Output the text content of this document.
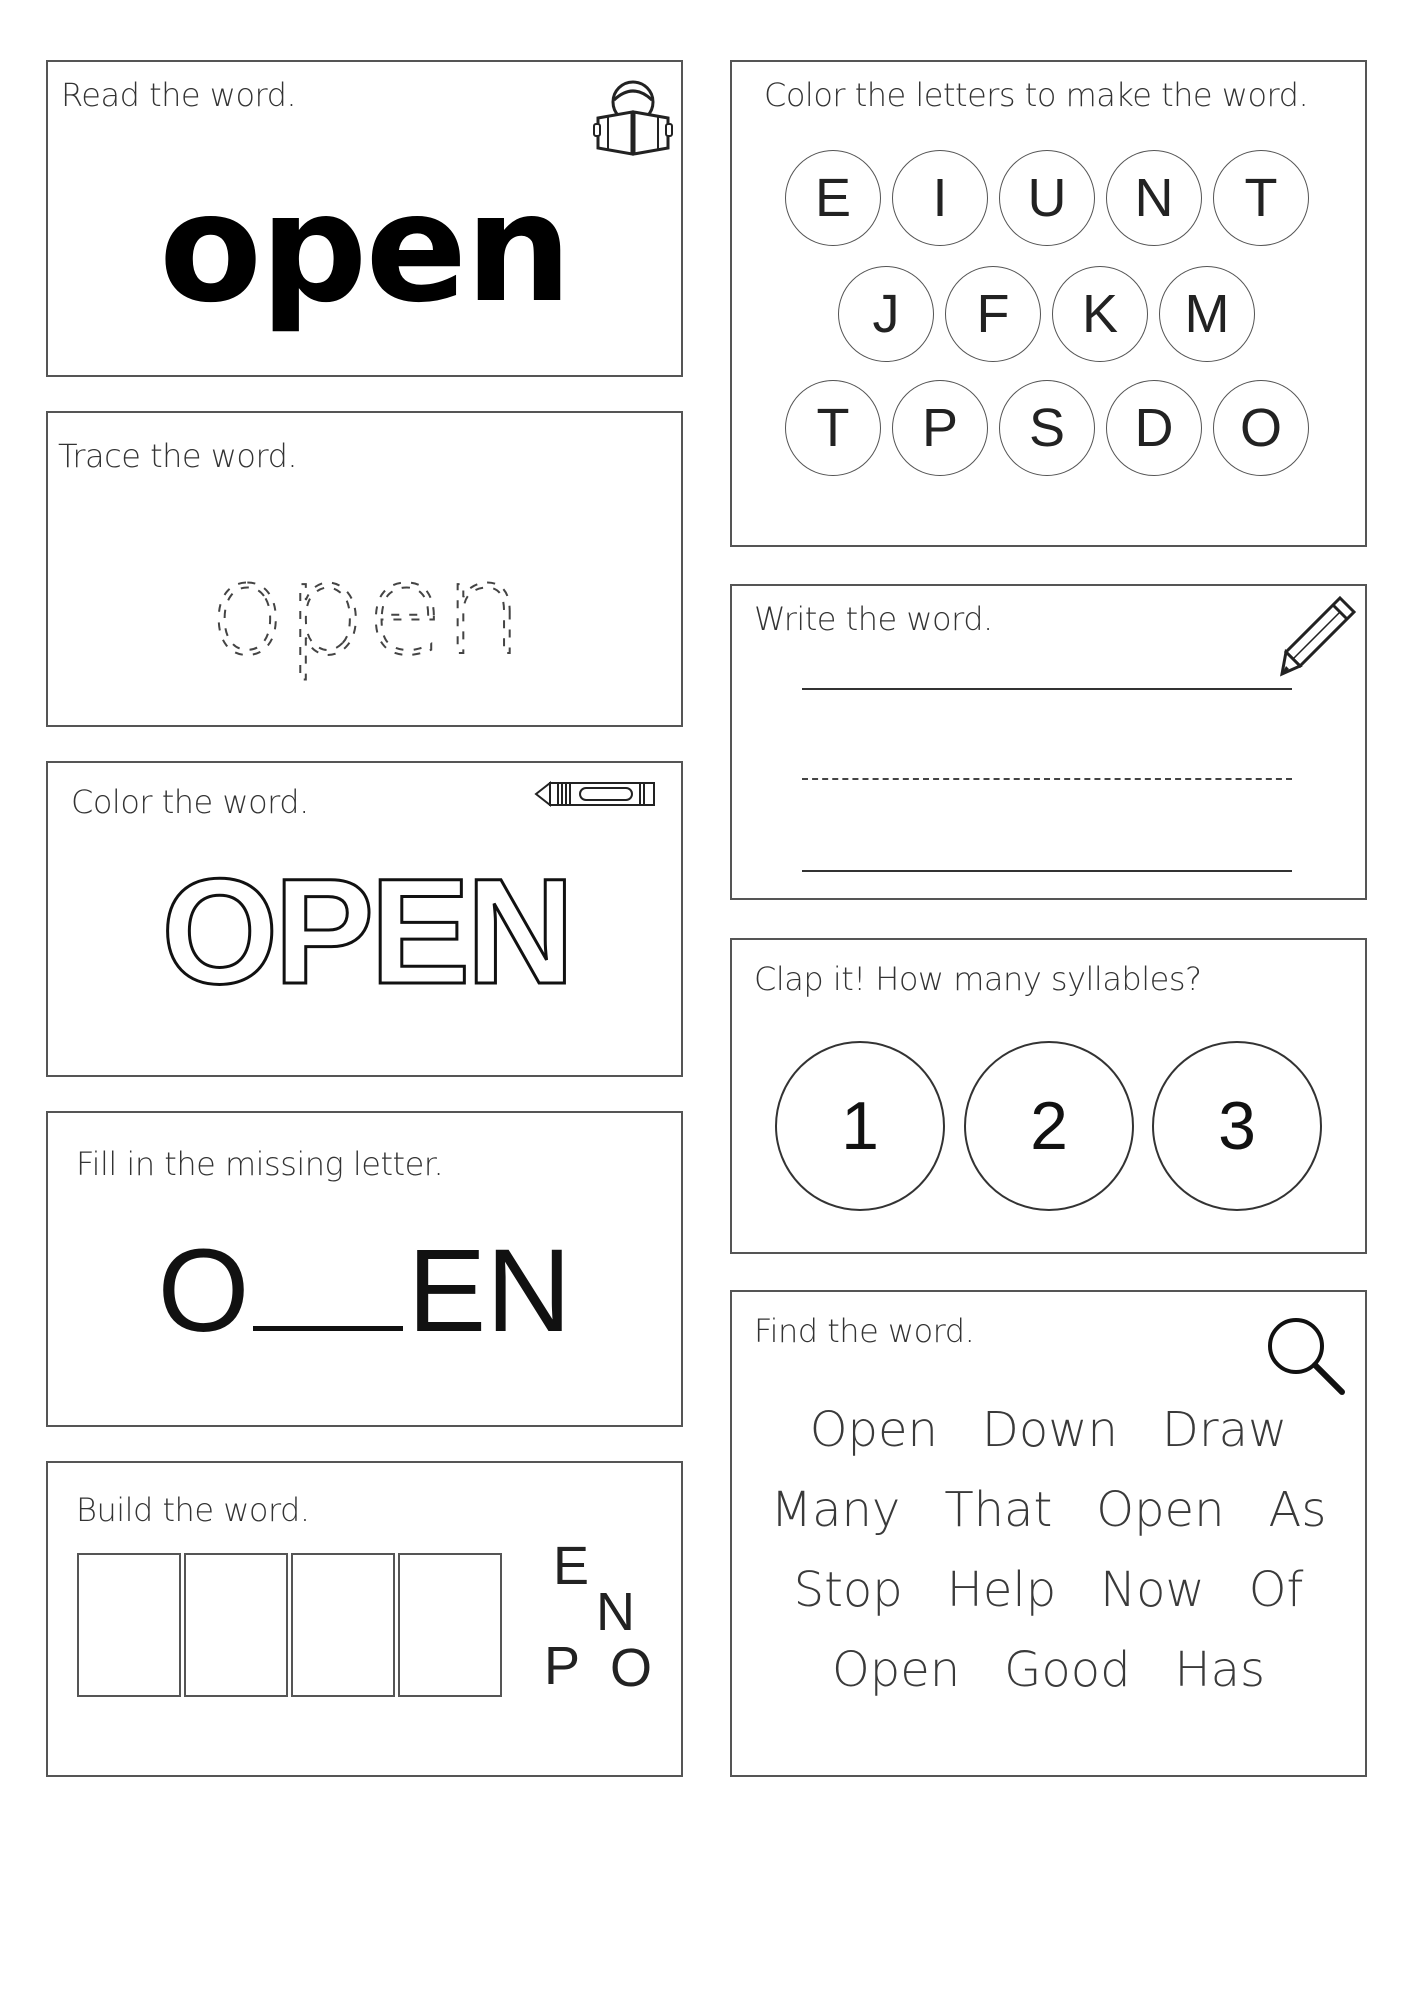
Read the word.
open
Trace the word.
open
Color the word.
OPEN
Fill in the missing letter.
O EN
Build the word.
E
N
P O
Color the letters to make the word.
E	I	U	N	T
J	F	K	M
T	P	S	D	O
Write the word.
Clap it! How many syllables?
1	2	3
Find the word.
Open Down Draw
Many That Open As
Stop Help Now Of
Open Good Has
